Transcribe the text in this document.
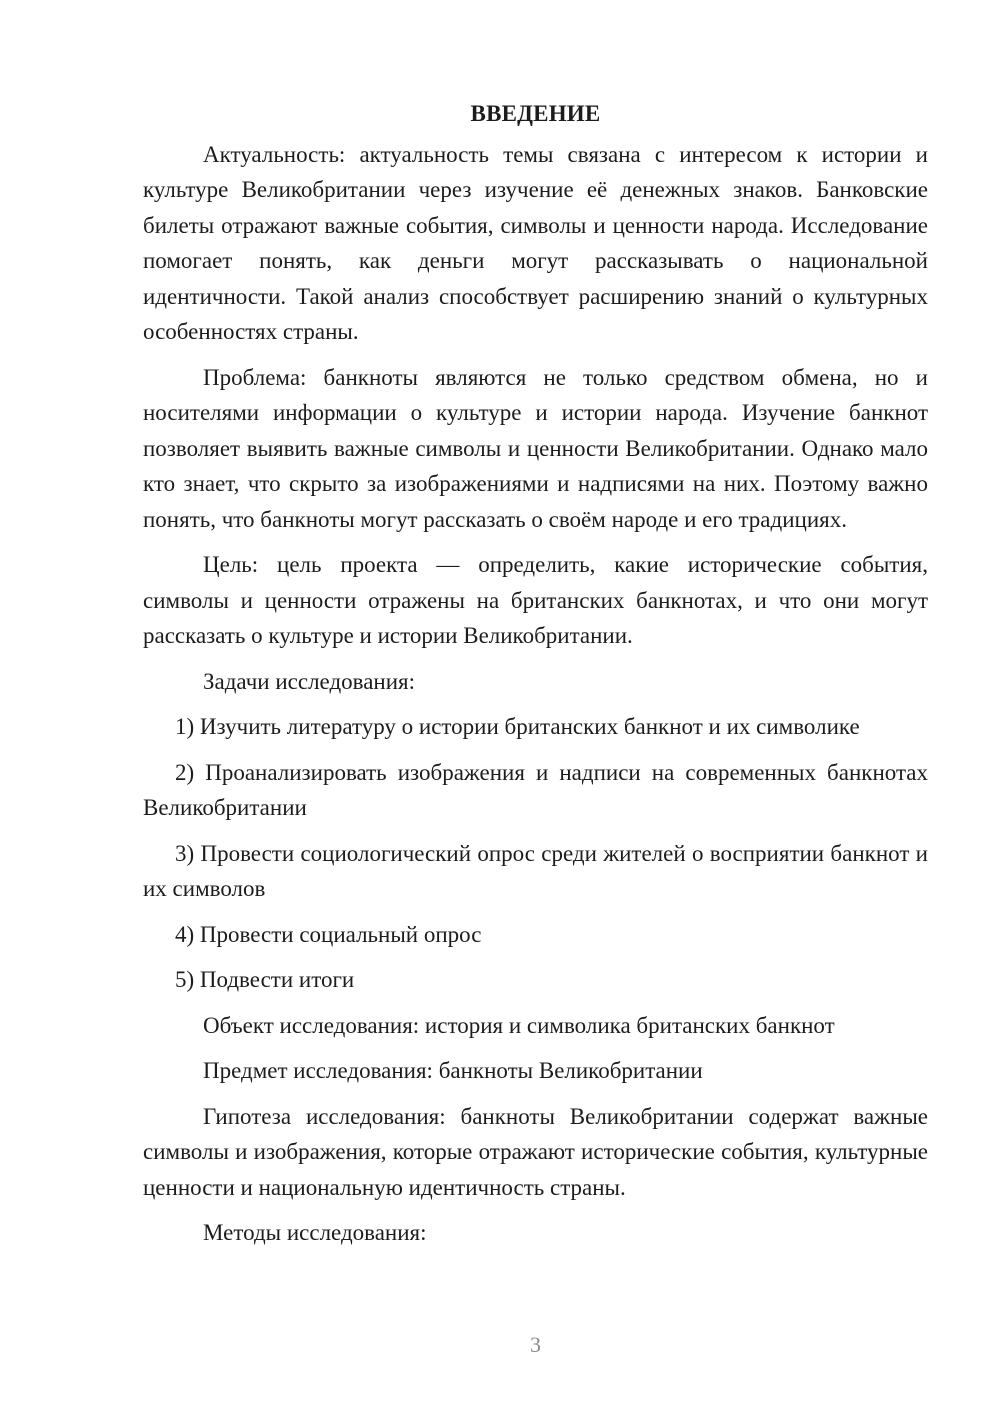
ВВЕДЕНИЕ

Актуальность: актуальность темы связана с интересом к истории и культуре Великобритании через изучение её денежных знаков. Банковские билеты отражают важные события, символы и ценности народа. Исследование помогает понять, как деньги могут рассказывать о национальной идентичности. Такой анализ способствует расширению знаний о культурных особенностях страны.

Проблема: банкноты являются не только средством обмена, но и носителями информации о культуре и истории народа. Изучение банкнот позволяет выявить важные символы и ценности Великобритании. Однако мало кто знает, что скрыто за изображениями и надписями на них. Поэтому важно понять, что банкноты могут рассказать о своём народе и его традициях.

Цель: цель проекта — определить, какие исторические события, символы и ценности отражены на британских банкнотах, и что они могут рассказать о культуре и истории Великобритании.

Задачи исследования:

1) Изучить литературу о истории британских банкнот и их символике

2) Проанализировать изображения и надписи на современных банкнотах Великобритании

3) Провести социологический опрос среди жителей о восприятии банкнот и их символов

4) Провести социальный опрос

5) Подвести итоги

Объект исследования: история и символика британских банкнот

Предмет исследования: банкноты Великобритании

Гипотеза исследования: банкноты Великобритании содержат важные символы и изображения, которые отражают исторические события, культурные ценности и национальную идентичность страны.

Методы исследования:

3
